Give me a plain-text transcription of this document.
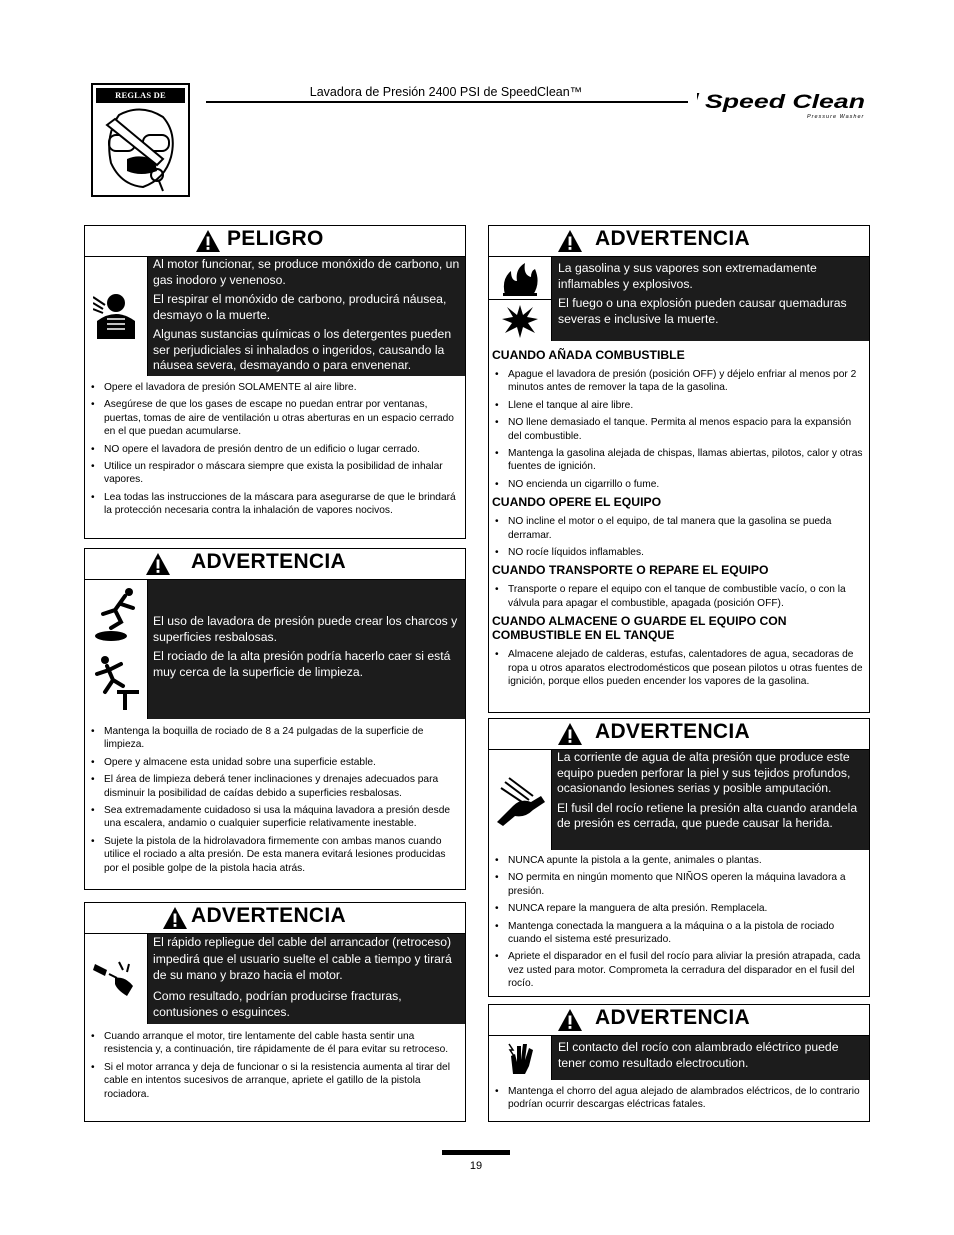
REGLAS DE SEGURIDAD
Lavadora de Presión 2400 PSI de SpeedClean™	Speed Clean
Pressure Washer
PELIGRO

Al motor funcionar, se produce monóxido de carbono, un gas inodoro y venenoso.

El respirar el monóxido de carbono, producirá náusea, desmayo o la muerte.

Algunas sustancias químicas o los detergentes pueden ser perjudiciales si inhalados o ingeridos, causando la náusea severa, desmayando o para envenenar.

• Opere el lavadora de presión SOLAMENTE al aire libre.
• Asegúrese de que los gases de escape no puedan entrar por ventanas, puertas, tomas de aire de ventilación u otras aberturas en un espacio cerrado en el que puedan acumularse.
• NO opere el lavadora de presión dentro de un edificio o lugar cerrado.
• Utilice un respirador o máscara siempre que exista la posibilidad de inhalar vapores.
• Lea todas las instrucciones de la máscara para asegurarse de que le brindará la protección necesaria contra la inhalación de vapores nocivos.
ADVERTENCIA

El uso de lavadora de presión puede crear los charcos y superficies resbalosas.

El rociado de la alta presión podría hacerlo caer si está muy cerca de la superficie de limpieza.

• Mantenga la boquilla de rociado de 8 a 24 pulgadas de la superficie de limpieza.
• Opere y almacene esta unidad sobre una superficie estable.
• El área de limpieza deberá tener inclinaciones y drenajes adecuados para disminuir la posibilidad de caídas debido a superficies resbalosas.
• Sea extremadamente cuidadoso si usa la máquina lavadora a presión desde una escalera, andamio o cualquier superficie relativamente inestable.
• Sujete la pistola de la hidrolavadora firmemente con ambas manos cuando utilice el rociado a alta presión. De esta manera evitará lesiones producidas por el posible golpe de la pistola hacia atrás.
ADVERTENCIA

El rápido repliegue del cable del arrancador (retroceso) impedirá que el usuario suelte el cable a tiempo y tirará de su mano y brazo hacia el motor.

Como resultado, podrían producirse fracturas, contusiones o esguinces.

• Cuando arranque el motor, tire lentamente del cable hasta sentir una resistencia y, a continuación, tire rápidamente de él para evitar su retroceso.
• Si el motor arranca y deja de funcionar o si la resistencia aumenta al tirar del cable en intentos sucesivos de arranque, apriete el gatillo de la pistola rociadora.
ADVERTENCIA

La gasolina y sus vapores son extremadamente inflamables y explosivos.

El fuego o una explosión pueden causar quemaduras severas e inclusive la muerte.

CUANDO AÑADA COMBUSTIBLE
• Apague el lavadora de presión (posición OFF) y déjelo enfriar al menos por 2 minutos antes de remover la tapa de la gasolina.
• Llene el tanque al aire libre.
• NO llene demasiado el tanque. Permita al menos espacio para la expansión del combustible.
• Mantenga la gasolina alejada de chispas, llamas abiertas, pilotos, calor y otras fuentes de ignición.
• NO encienda un cigarrillo o fume.
CUANDO OPERE EL EQUIPO
• NO incline el motor o el equipo, de tal manera que la gasolina se pueda derramar.
• NO rocíe líquidos inflamables.
CUANDO TRANSPORTE O REPARE EL EQUIPO
• Transporte o repare el equipo con el tanque de combustible vacío, o con la válvula para apagar el combustible, apagada (posición OFF).
CUANDO ALMACENE O GUARDE EL EQUIPO CON COMBUSTIBLE EN EL TANQUE
• Almacene alejado de calderas, estufas, calentadores de agua, secadoras de ropa u otros aparatos electrodomésticos que posean pilotos u otras fuentes de ignición, porque ellos pueden encender los vapores de la gasolina.
ADVERTENCIA

La corriente de agua de alta presión que produce este equipo pueden perforar la piel y sus tejidos profundos, ocasionando lesiones serias y posible amputación.

El fusil del rocío retiene la presión alta cuando arandela de presión es cerrada, que puede causar la herida.

• NUNCA apunte la pistola a la gente, animales o plantas.
• NO permita en ningún momento que NIÑOS operen la máquina lavadora a presión.
• NUNCA repare la manguera de alta presión. Remplacela.
• Mantenga conectada la manguera a la máquina o a la pistola de rociado cuando el sistema esté presurizado.
• Apriete el disparador en el fusil del rocío para aliviar la presión atrapada, cada vez usted para motor. Comprometa la cerradura del disparador en el fusil del rocío.
ADVERTENCIA

El contacto del rocío con alambrado eléctrico puede tener como resultado electrocution.

• Mantenga el chorro del agua alejado de alambrados eléctricos, de lo contrario podrían ocurrir descargas eléctricas fatales.
19
